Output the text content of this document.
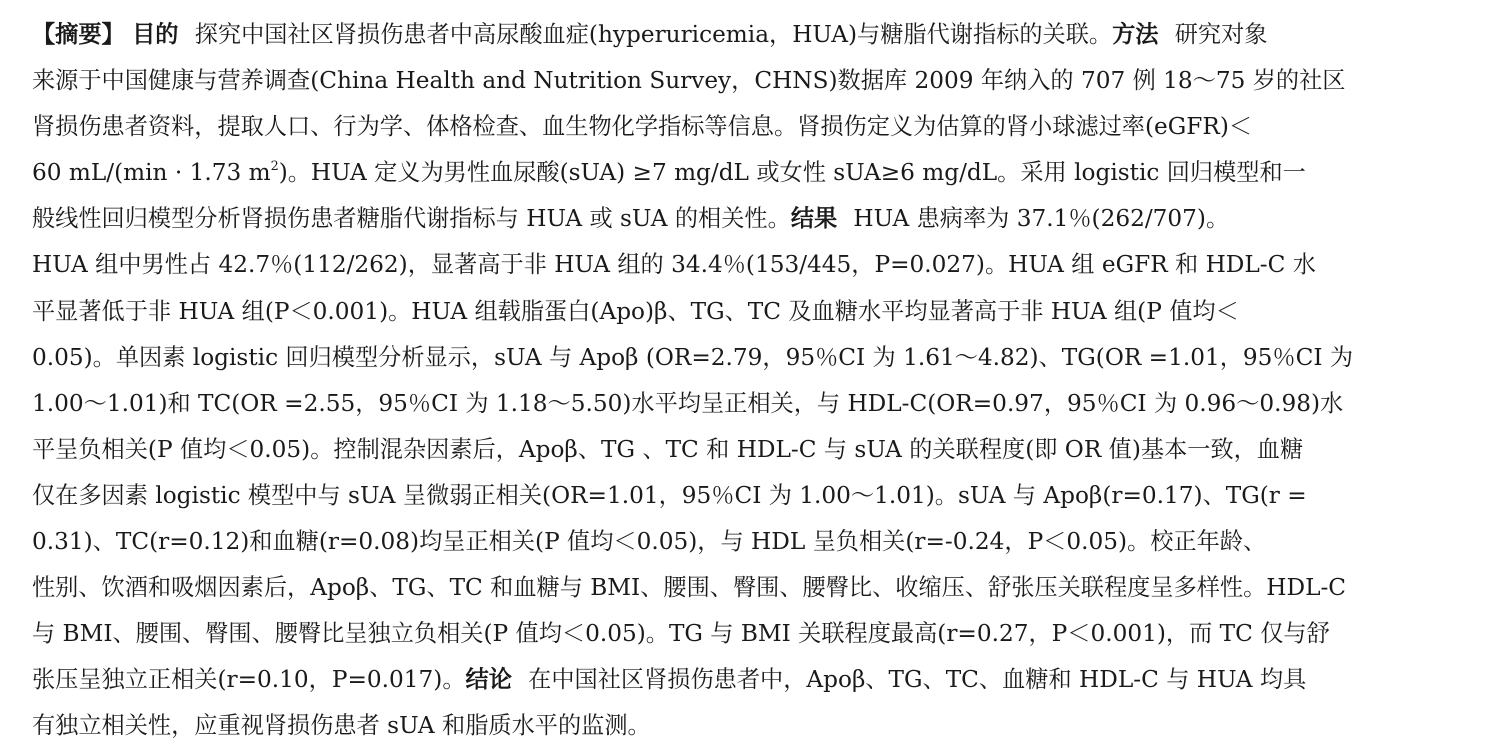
【摘要】 目的 探究中国社区肾损伤患者中高尿酸血症(hyperuricemia，HUA)与糖脂代谢指标的关联。方法 研究对象
来源于中国健康与营养调查(China Health and Nutrition Survey，CHNS)数据库 2009 年纳入的 707 例 18～75 岁的社区
肾损伤患者资料，提取人口、行为学、体格检查、血生物化学指标等信息。肾损伤定义为估算的肾小球滤过率(eGFR)＜
60 mL/(min · 1.73 $m^2$)。HUA 定义为男性血尿酸(sUA) ≥7 mg/dL 或女性 sUA≥6 mg/dL。采用 logistic 回归模型和一
般线性回归模型分析肾损伤患者糖脂代谢指标与 HUA 或 sUA 的相关性。结果 HUA 患病率为 37.1％(262/707)。
HUA 组中男性占 42.7％(112/262)，显著高于非 HUA 组的 34.4％(153/445，P=0.027)。HUA 组 eGFR 和 HDL-C 水
平显著低于非 HUA 组(P＜0.001)。HUA 组载脂蛋白(Apo)β、TG、TC 及血糖水平均显著高于非 HUA 组(P 值均＜
0.05)。单因素 logistic 回归模型分析显示，sUA 与 Apoβ (OR=2.79，95％CI 为 1.61～4.82)、TG(OR =1.01，95％CI 为
1.00～1.01)和 TC(OR =2.55，95％CI 为 1.18～5.50)水平均呈正相关，与 HDL-C(OR=0.97，95％CI 为 0.96～0.98)水
平呈负相关(P 值均＜0.05)。控制混杂因素后，Apoβ、TG 、TC 和 HDL-C 与 sUA 的关联程度(即 OR 值)基本一致，血糖
仅在多因素 logistic 模型中与 sUA 呈微弱正相关(OR=1.01，95％CI 为 1.00～1.01)。sUA 与 Apoβ(r=0.17)、TG(r =
0.31)、TC(r=0.12)和血糖(r=0.08)均呈正相关(P 值均＜0.05)，与 HDL 呈负相关(r=-0.24，P＜0.05)。校正年龄、
性别、饮酒和吸烟因素后，Apoβ、TG、TC 和血糖与 BMI、腰围、臀围、腰臀比、收缩压、舒张压关联程度呈多样性。HDL-C
与 BMI、腰围、臀围、腰臀比呈独立负相关(P 值均＜0.05)。TG 与 BMI 关联程度最高(r=0.27，P＜0.001)，而 TC 仅与舒
张压呈独立正相关(r=0.10，P=0.017)。结论 在中国社区肾损伤患者中，Apoβ、TG、TC、血糖和 HDL-C 与 HUA 均具
有独立相关性，应重视肾损伤患者 sUA 和脂质水平的监测。
